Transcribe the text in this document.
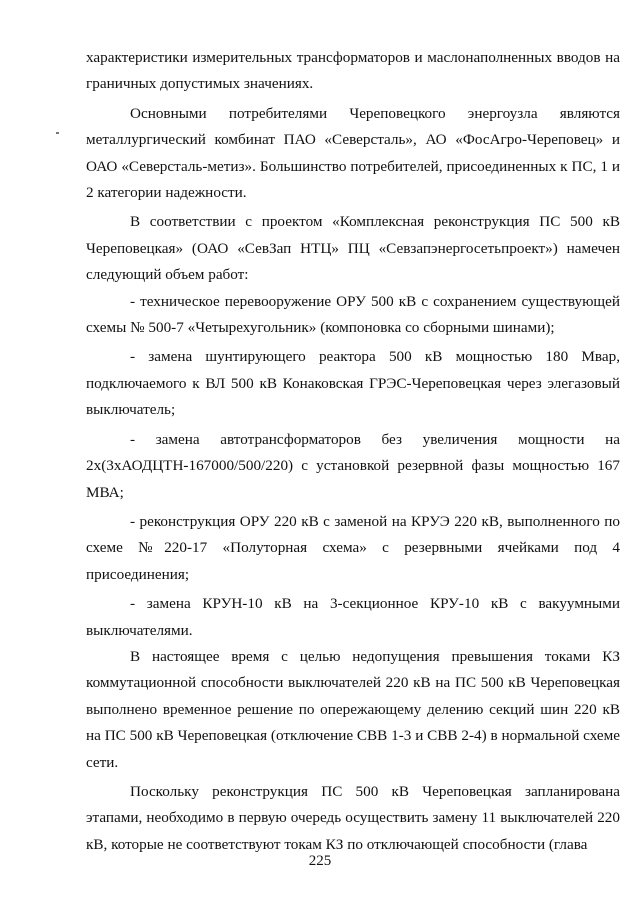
характеристики измерительных трансформаторов и маслонаполненных вводов на граничных допустимых значениях.

Основными потребителями Череповецкого энергоузла являются металлургический комбинат ПАО «Северсталь», АО «ФосАгро-Череповец» и ОАО «Северсталь-метиз». Большинство потребителей, присоединенных к ПС, 1 и 2 категории надежности.

В соответствии с проектом «Комплексная реконструкция ПС 500 кВ Череповецкая» (ОАО «СевЗап НТЦ» ПЦ «Севзапэнергосетьпроект») намечен следующий объем работ:

- техническое перевооружение ОРУ 500 кВ с сохранением существующей схемы № 500-7 «Четырехугольник» (компоновка со сборными шинами);

- замена шунтирующего реактора 500 кВ мощностью 180 Мвар, подключаемого к ВЛ 500 кВ Конаковская ГРЭС-Череповецкая через элегазовый выключатель;

- замена автотрансформаторов без увеличения мощности на 2х(3хАОДЦТН-167000/500/220) с установкой резервной фазы мощностью 167 МВА;

- реконструкция ОРУ 220 кВ с заменой на КРУЭ 220 кВ, выполненного по схеме №220-17 «Полуторная схема» с резервными ячейками под 4 присоединения;

- замена КРУН-10 кВ на 3-секционное КРУ-10 кВ с вакуумными выключателями.

В настоящее время с целью недопущения превышения токами КЗ коммутационной способности выключателей 220 кВ на ПС 500 кВ Череповецкая выполнено временное решение по опережающему делению секций шин 220 кВ на ПС 500 кВ Череповецкая (отключение СВВ 1-3 и СВВ 2-4) в нормальной схеме сети.

Поскольку реконструкция ПС 500 кВ Череповецкая запланирована этапами, необходимо в первую очередь осуществить замену 11 выключателей 220 кВ, которые не соответствуют токам КЗ по отключающей способности (глава

225
